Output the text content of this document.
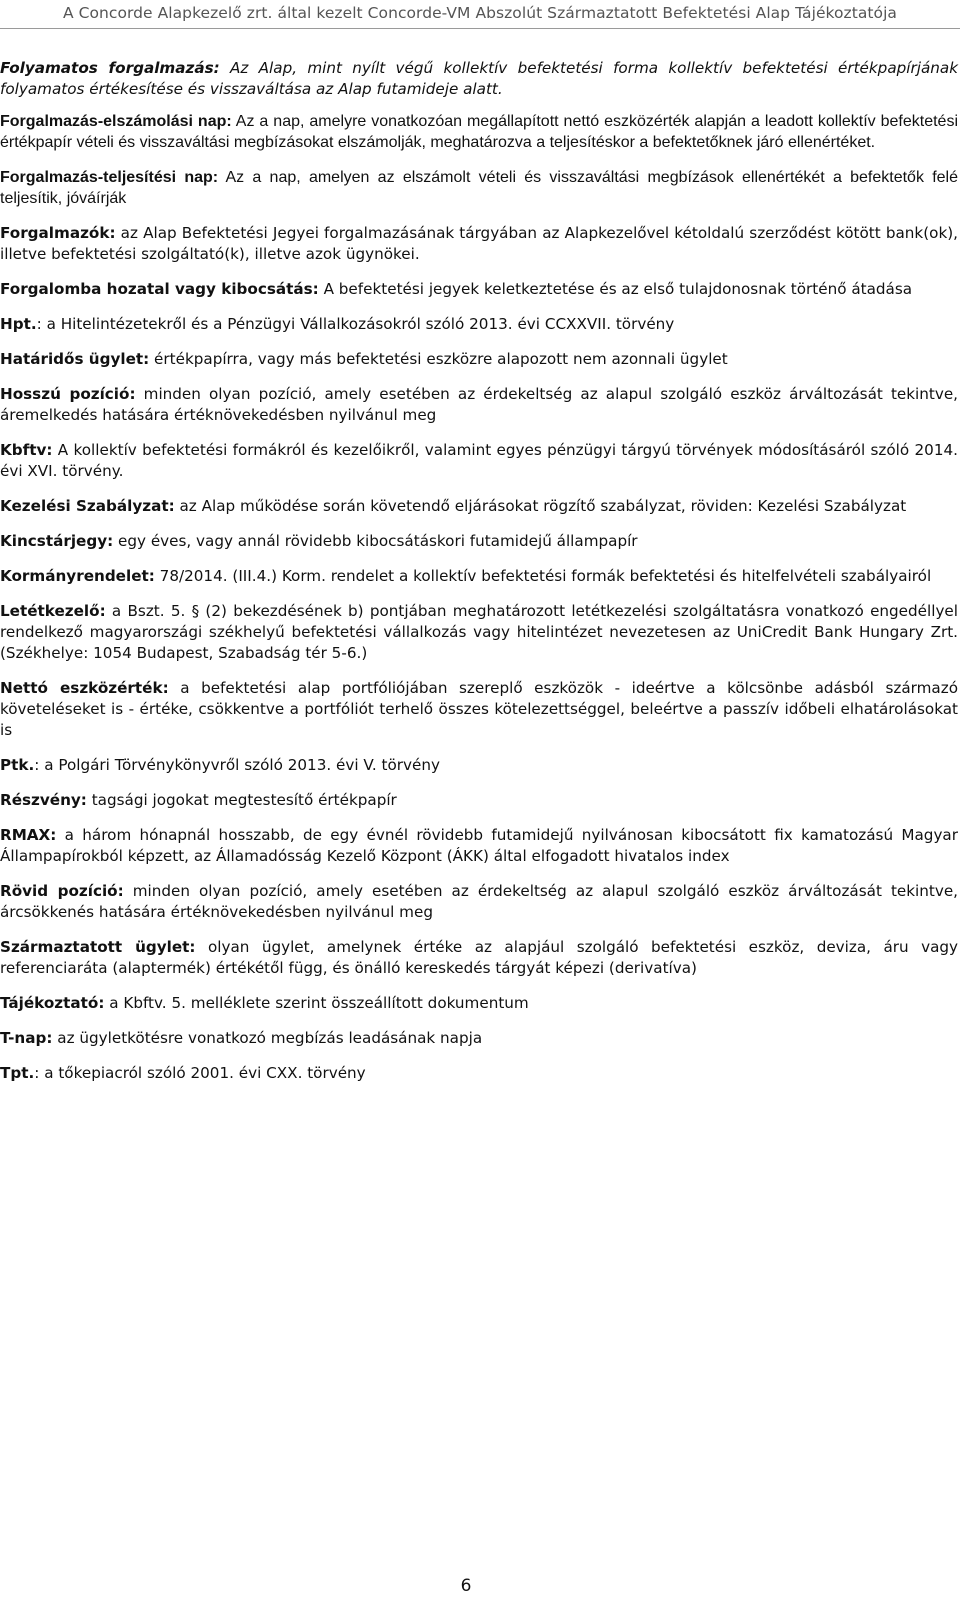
A Concorde Alapkezelő zrt. által kezelt Concorde-VM Abszolút Származtatott Befektetési Alap Tájékoztatója

Folyamatos forgalmazás: Az Alap, mint nyílt végű kollektív befektetési forma kollektív befektetési értékpapírjának folyamatos értékesítése és visszaváltása az Alap futamideje alatt.

Forgalmazás-elszámolási nap: Az a nap, amelyre vonatkozóan megállapított nettó eszközérték alapján a leadott kollektív befektetési értékpapír vételi és visszaváltási megbízásokat elszámolják, meghatározva a teljesítéskor a befektetőknek járó ellenértéket.

Forgalmazás-teljesítési nap: Az a nap, amelyen az elszámolt vételi és visszaváltási megbízások ellenértékét a befektetők felé teljesítik, jóváírják

Forgalmazók: az Alap Befektetési Jegyei forgalmazásának tárgyában az Alapkezelővel kétoldalú szerződést kötött bank(ok), illetve befektetési szolgáltató(k), illetve azok ügynökei.

Forgalomba hozatal vagy kibocsátás: A befektetési jegyek keletkeztetése és az első tulajdonosnak történő átadása

Hpt.: a Hitelintézetekről és a Pénzügyi Vállalkozásokról szóló 2013. évi CCXXVII. törvény

Határidős ügylet: értékpapírra, vagy más befektetési eszközre alapozott nem azonnali ügylet

Hosszú pozíció: minden olyan pozíció, amely esetében az érdekeltség az alapul szolgáló eszköz árváltozását tekintve, áremelkedés hatására értéknövekedésben nyilvánul meg

Kbftv: A kollektív befektetési formákról és kezelőikről, valamint egyes pénzügyi tárgyú törvények módosításáról szóló 2014. évi XVI. törvény.

Kezelési Szabályzat: az Alap működése során követendő eljárásokat rögzítő szabályzat, röviden: Kezelési Szabályzat

Kincstárjegy: egy éves, vagy annál rövidebb kibocsátáskori futamidejű állampapír

Kormányrendelet: 78/2014. (III.4.) Korm. rendelet a kollektív befektetési formák befektetési és hitelfelvételi szabályairól

Letétkezelő: a Bszt. 5. § (2) bekezdésének b) pontjában meghatározott letétkezelési szolgáltatásra vonatkozó engedéllyel rendelkező magyarországi székhelyű befektetési vállalkozás vagy hitelintézet nevezetesen az UniCredit Bank Hungary Zrt. (Székhelye: 1054 Budapest, Szabadság tér 5-6.)

Nettó eszközérték: a befektetési alap portfóliójában szereplő eszközök - ideértve a kölcsönbe adásból származó követeléseket is - értéke, csökkentve a portfóliót terhelő összes kötelezettséggel, beleértve a passzív időbeli elhatárolásokat is

Ptk.: a Polgári Törvénykönyvről szóló 2013. évi V. törvény

Részvény: tagsági jogokat megtestesítő értékpapír

RMAX: a három hónapnál hosszabb, de egy évnél rövidebb futamidejű nyilvánosan kibocsátott fix kamatozású Magyar Állampapírokból képzett, az Államadósság Kezelő Központ (ÁKK) által elfogadott hivatalos index

Rövid pozíció: minden olyan pozíció, amely esetében az érdekeltség az alapul szolgáló eszköz árváltozását tekintve, árcsökkenés hatására értéknövekedésben nyilvánul meg

Származtatott ügylet: olyan ügylet, amelynek értéke az alapjául szolgáló befektetési eszköz, deviza, áru vagy referenciaráta (alaptermék) értékétől függ, és önálló kereskedés tárgyát képezi (derivatíva)

Tájékoztató: a Kbftv. 5. melléklete szerint összeállított dokumentum

T-nap: az ügyletkötésre vonatkozó megbízás leadásának napja

Tpt.: a tőkepiacról szóló 2001. évi CXX. törvény

6
